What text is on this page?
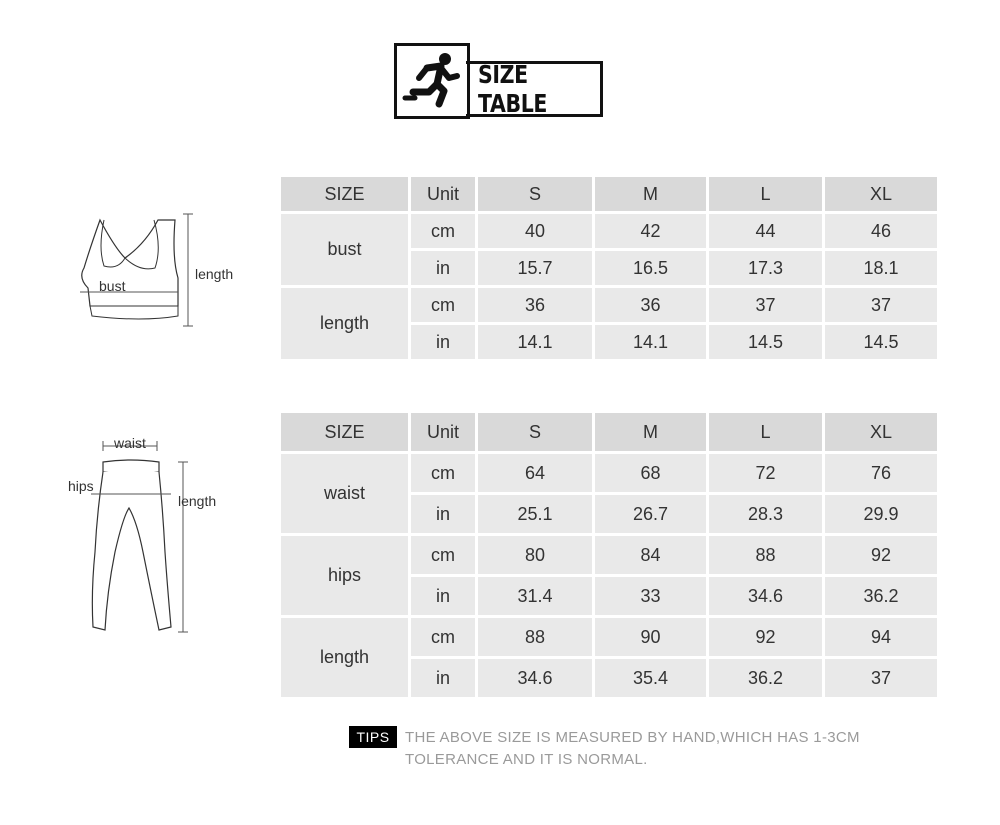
SIZE TABLE
bust
length
waist
hips
length
SIZE	Unit	S	M	L	XL
bust	cm	40	42	44	46
	in	15.7	16.5	17.3	18.1
length	cm	36	36	37	37
	in	14.1	14.1	14.5	14.5
SIZE	Unit	S	M	L	XL
waist	cm	64	68	72	76
	in	25.1	26.7	28.3	29.9
hips	cm	80	84	88	92
	in	31.4	33	34.6	36.2
length	cm	88	90	92	94
	in	34.6	35.4	36.2	37
TIPS	THE ABOVE SIZE IS MEASURED BY HAND,WHICH HAS 1-3CM
TOLERANCE AND IT IS NORMAL.
